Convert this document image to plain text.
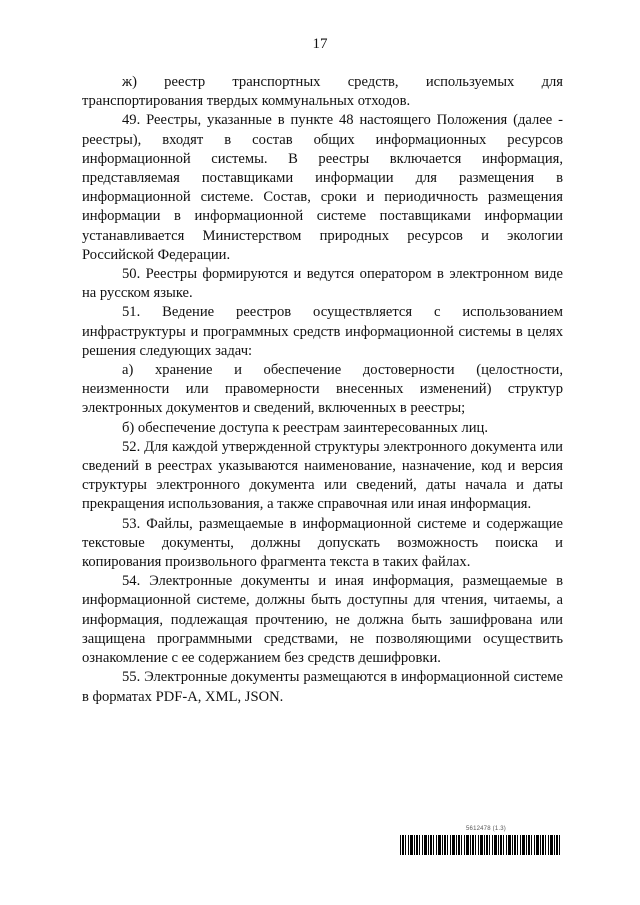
17

ж) реестр транспортных средств, используемых для транспортирования твердых коммунальных отходов.

49. Реестры, указанные в пункте 48 настоящего Положения (далее - реестры), входят в состав общих информационных ресурсов информационной системы. В реестры включается информация, представляемая поставщиками информации для размещения в информационной системе. Состав, сроки и периодичность размещения информации в информационной системе поставщиками информации устанавливается Министерством природных ресурсов и экологии Российской Федерации.

50. Реестры формируются и ведутся оператором в электронном виде на русском языке.

51. Ведение реестров осуществляется с использованием инфраструктуры и программных средств информационной системы в целях решения следующих задач:

а) хранение и обеспечение достоверности (целостности, неизменности или правомерности внесенных изменений) структур электронных документов и сведений, включенных в реестры;

б) обеспечение доступа к реестрам заинтересованных лиц.

52. Для каждой утвержденной структуры электронного документа или сведений в реестрах указываются наименование, назначение, код и версия структуры электронного документа или сведений, даты начала и даты прекращения использования, а также справочная или иная информация.

53. Файлы, размещаемые в информационной системе и содержащие текстовые документы, должны допускать возможность поиска и копирования произвольного фрагмента текста в таких файлах.

54. Электронные документы и иная информация, размещаемые в информационной системе, должны быть доступны для чтения, читаемы, а информация, подлежащая прочтению, не должна быть зашифрована или защищена программными средствами, не позволяющими осуществить ознакомление с ее содержанием без средств дешифровки.

55. Электронные документы размещаются в информационной системе в форматах PDF-A, XML, JSON.

5612478 (1.3)
